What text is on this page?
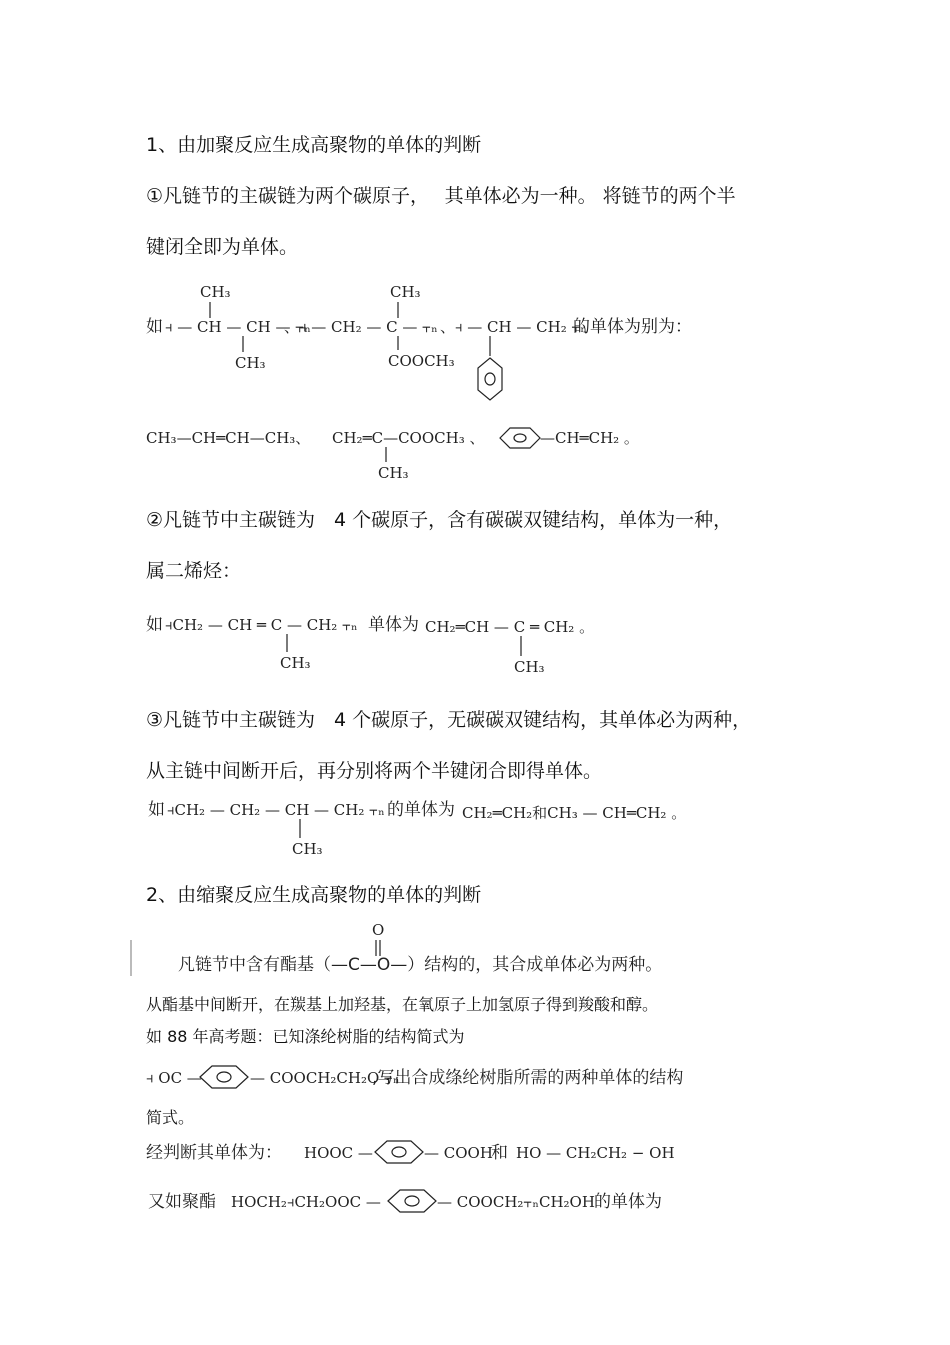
1、由加聚反应生成高聚物的单体的判断
①凡链节的主碳链为两个碳原子，　 其单体必为一种。 将链节的两个半
键闭全即为单体。
②凡链节中主碳链为　4 个碳原子，含有碳碳双键结构，单体为一种，
属二烯烃：
③凡链节中主碳链为　4 个碳原子，无碳碳双键结构，其单体必为两种，
从主链中间断开后，再分别将两个半键闭合即得单体。
2、由缩聚反应生成高聚物的单体的判断
从酯基中间断开，在羰基上加羟基，在氧原子上加氢原子得到羧酸和醇。
如 88 年高考题：已知涤纶树脂的结构简式为
简式。
如 ⫞ — CH — CH — ⫟ₙ
CH₃
CH₃
、⫞ — CH₂ — C — ⫟ₙ
CH₃
COOCH₃
、⫞ — CH — CH₂ ⫟ₙ
的单体为别为：
CH₃—CH═CH—CH₃、 CH₂═C—COOCH₃ 、
CH₃
—CH═CH₂ 。
如 ⫞CH₂ — CH ═ C — CH₂ ⫟ₙ
CH₃
单体为 CH₂═CH — C ═ CH₂ 。
CH₃
如 ⫞CH₂ — CH₂ — CH — CH₂ ⫟ₙ
CH₃
的单体为 CH₂═CH₂和CH₃ — CH═CH₂ 。
O
凡链节中含有酯基（—C—O—）结构的，其合成单体必为两种。
⫞ OC —	— COOCH₂CH₂O ⫟ₙ
,写出合成绦纶树脂所需的两种单体的结构
经判断其单体为： HOOC —	— COOH
和 HO — CH₂CH₂ − OH
又如聚酯 HOCH₂⫞CH₂OOC —	— COOCH₂⫟ₙCH₂OH 的单体为
